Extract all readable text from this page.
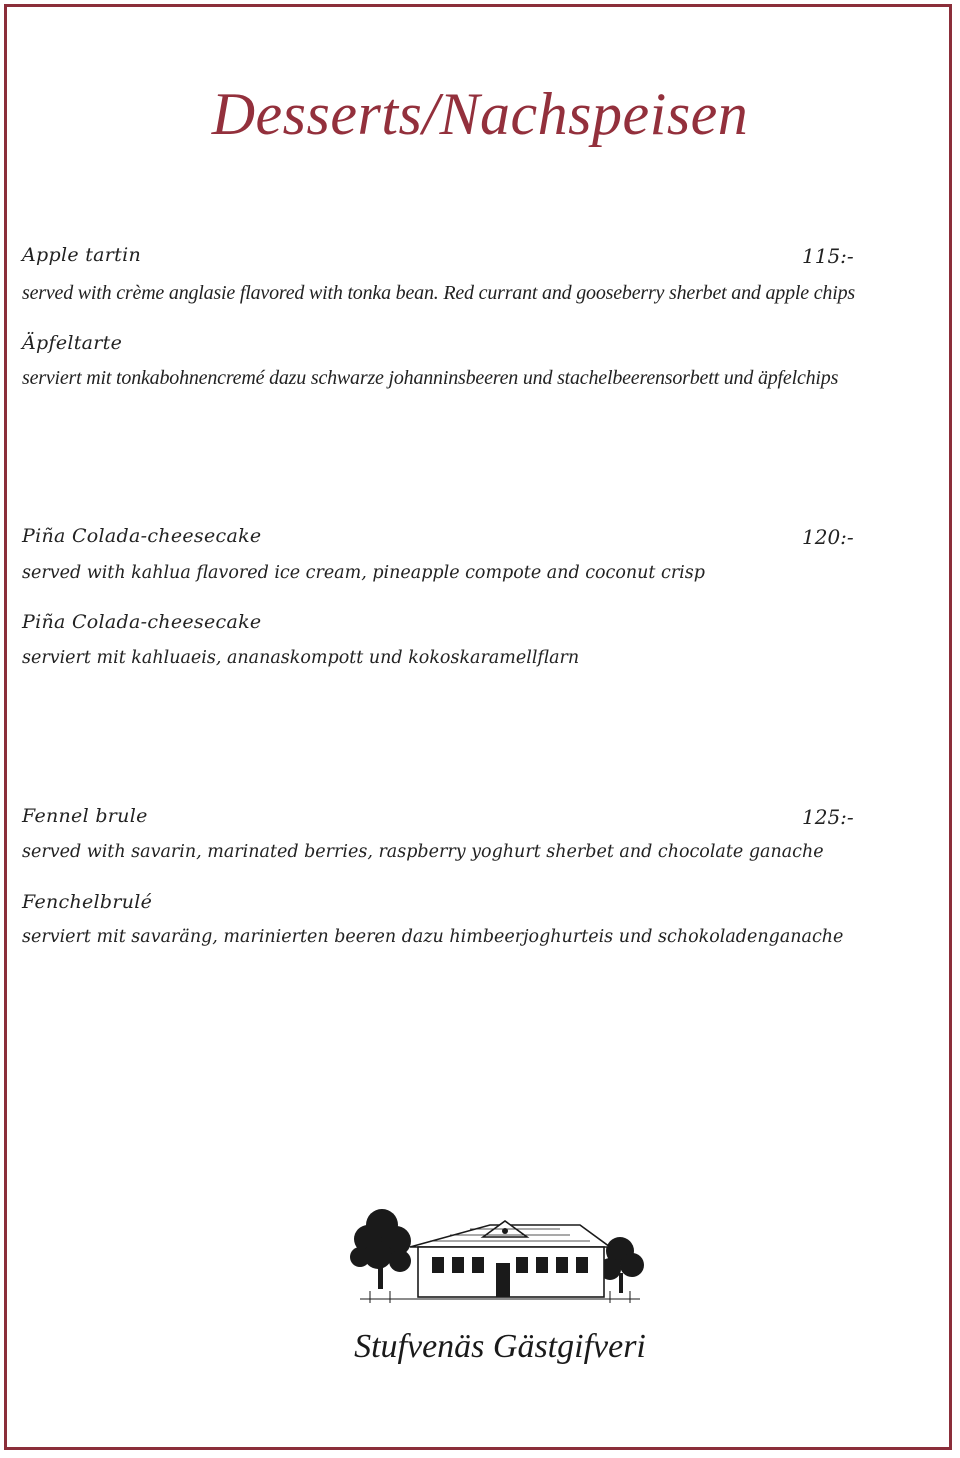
Desserts/Nachspeisen
Apple tartin	115:-
served with crème anglasie flavored with tonka bean. Red currant and gooseberry sherbet and apple chips
Äpfeltarte
serviert mit tonkabohnencremé dazu schwarze johanninsbeeren und stachelbeerensorbett und äpfelchips
Piña Colada-cheesecake	120:-
served with kahlua flavored ice cream, pineapple compote and coconut crisp
Piña Colada-cheesecake
serviert mit kahluaeis, ananaskompott und kokoskaramellflarn
Fennel brule	125:-
served with savarin, marinated berries, raspberry yoghurt sherbet and chocolate ganache
Fenchelbrulé
serviert mit savaräng, marinierten beeren dazu himbeerjoghurteis und schokoladenganache
Stufvenäs Gästgifveri
